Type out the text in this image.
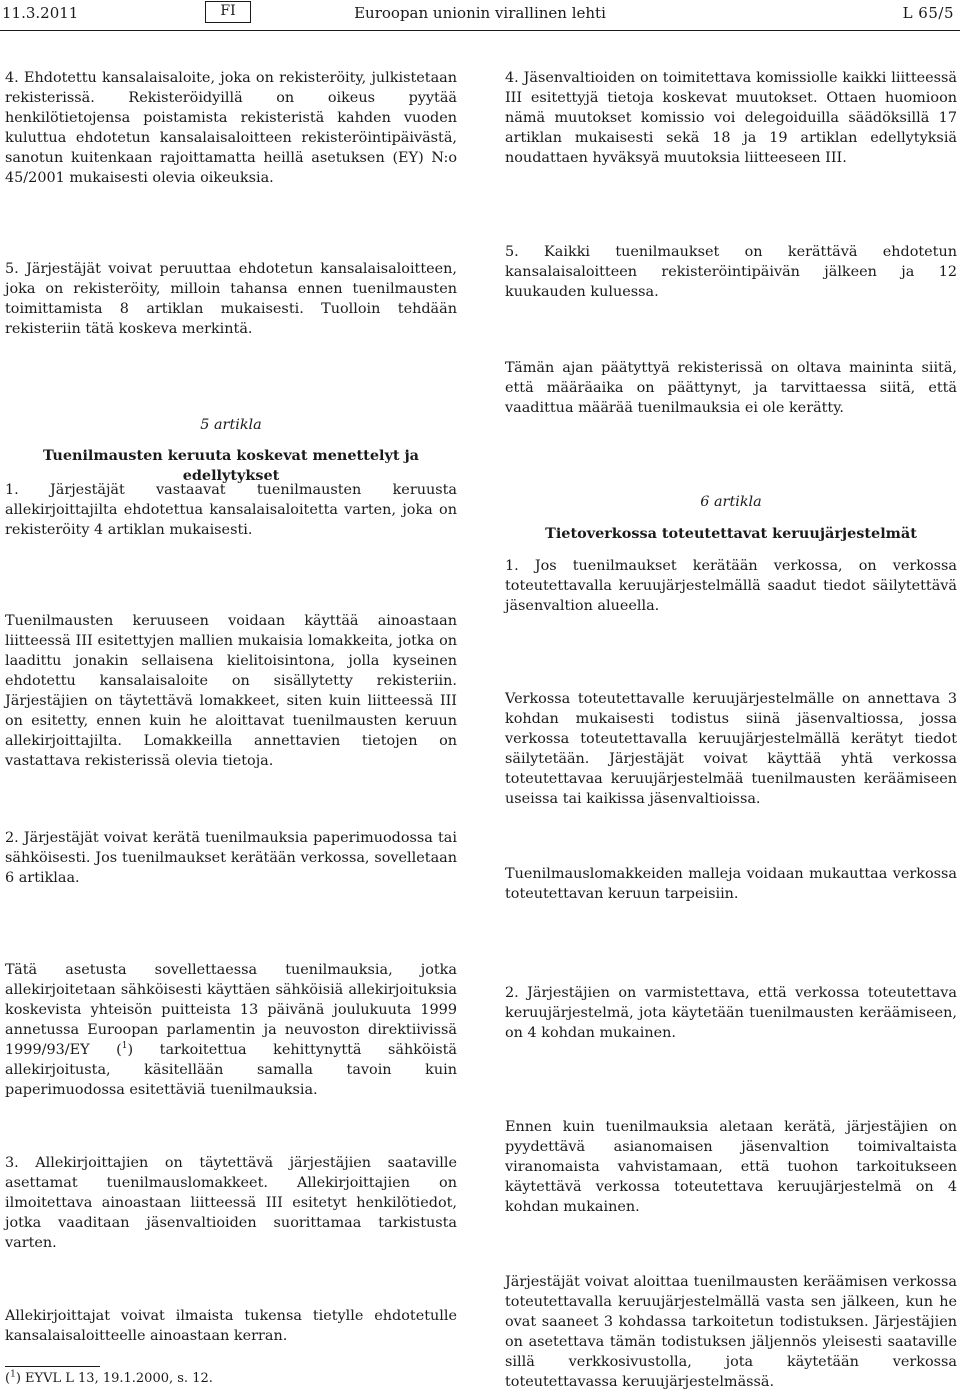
11.3.2011	FI	Euroopan unionin virallinen lehti	L 65/5

4. Ehdotettu kansalaisaloite, joka on rekisteröity, julkistetaan rekisterissä. Rekisteröidyillä on oikeus pyytää henkilötietojensa poistamista rekisteristä kahden vuoden kuluttua ehdotetun kansalaisaloitteen rekisteröintipäivästä, sanotun kuitenkaan rajoittamatta heillä asetuksen (EY) N:o 45/2001 mukaisesti olevia oikeuksia.

5. Järjestäjät voivat peruuttaa ehdotetun kansalaisaloitteen, joka on rekisteröity, milloin tahansa ennen tuenilmausten toimittamista 8 artiklan mukaisesti. Tuolloin tehdään rekisteriin tätä koskeva merkintä.

5 artikla

Tuenilmausten keruuta koskevat menettelyt ja edellytykset

1. Järjestäjät vastaavat tuenilmausten keruusta allekirjoittajilta ehdotettua kansalaisaloitetta varten, joka on rekisteröity 4 artiklan mukaisesti.

Tuenilmausten keruuseen voidaan käyttää ainoastaan liitteessä III esitettyjen mallien mukaisia lomakkeita, jotka on laadittu jonakin sellaisena kielitoisintona, jolla kyseinen ehdotettu kansalaisaloite on sisällytetty rekisteriin. Järjestäjien on täytettävä lomakkeet, siten kuin liitteessä III on esitetty, ennen kuin he aloittavat tuenilmausten keruun allekirjoittajilta. Lomakkeilla annettavien tietojen on vastattava rekisterissä olevia tietoja.

2. Järjestäjät voivat kerätä tuenilmauksia paperimuodossa tai sähköisesti. Jos tuenilmaukset kerätään verkossa, sovelletaan 6 artiklaa.

Tätä asetusta sovellettaessa tuenilmauksia, jotka allekirjoitetaan sähköisesti käyttäen sähköisiä allekirjoituksia koskevista yhteisön puitteista 13 päivänä joulukuuta 1999 annetussa Euroopan parlamentin ja neuvoston direktiivissä 1999/93/EY ($^1$) tarkoitettua kehittynyttä sähköistä allekirjoitusta, käsitellään samalla tavoin kuin paperimuodossa esitettäviä tuenilmauksia.

3. Allekirjoittajien on täytettävä järjestäjien saataville asettamat tuenilmauslomakkeet. Allekirjoittajien on ilmoitettava ainoastaan liitteessä III esitetyt henkilötiedot, jotka vaaditaan jäsenvaltioiden suorittamaa tarkistusta varten.

Allekirjoittajat voivat ilmaista tukensa tietylle ehdotetulle kansalaisaloitteelle ainoastaan kerran.

4. Jäsenvaltioiden on toimitettava komissiolle kaikki liitteessä III esitettyjä tietoja koskevat muutokset. Ottaen huomioon nämä muutokset komissio voi delegoiduilla säädöksillä 17 artiklan mukaisesti sekä 18 ja 19 artiklan edellytyksiä noudattaen hyväksyä muutoksia liitteeseen III.

5. Kaikki tuenilmaukset on kerättävä ehdotetun kansalaisaloitteen rekisteröintipäivän jälkeen ja 12 kuukauden kuluessa.

Tämän ajan päätyttyä rekisterissä on oltava maininta siitä, että määräaika on päättynyt, ja tarvittaessa siitä, että vaadittua määrää tuenilmauksia ei ole kerätty.

6 artikla

Tietoverkossa toteutettavat keruujärjestelmät

1. Jos tuenilmaukset kerätään verkossa, on verkossa toteutettavalla keruujärjestelmällä saadut tiedot säilytettävä jäsenvaltion alueella.

Verkossa toteutettavalle keruujärjestelmälle on annettava 3 kohdan mukaisesti todistus siinä jäsenvaltiossa, jossa verkossa toteutettavalla keruujärjestelmällä kerätyt tiedot säilytetään. Järjestäjät voivat käyttää yhtä verkossa toteutettavaa keruujärjestelmää tuenilmausten keräämiseen useissa tai kaikissa jäsenvaltioissa.

Tuenilmauslomakkeiden malleja voidaan mukauttaa verkossa toteutettavan keruun tarpeisiin.

2. Järjestäjien on varmistettava, että verkossa toteutettava keruujärjestelmä, jota käytetään tuenilmausten keräämiseen, on 4 kohdan mukainen.

Ennen kuin tuenilmauksia aletaan kerätä, järjestäjien on pyydettävä asianomaisen jäsenvaltion toimivaltaista viranomaista vahvistamaan, että tuohon tarkoitukseen käytettävä verkossa toteutettava keruujärjestelmä on 4 kohdan mukainen.

Järjestäjät voivat aloittaa tuenilmausten keräämisen verkossa toteutettavalla keruujärjestelmällä vasta sen jälkeen, kun he ovat saaneet 3 kohdassa tarkoitetun todistuksen. Järjestäjien on asetettava tämän todistuksen jäljennös yleisesti saataville sillä verkkosivustolla, jota käytetään verkossa toteutettavassa keruujärjestelmässä.

($^1$) EYVL L 13, 19.1.2000, s. 12.
